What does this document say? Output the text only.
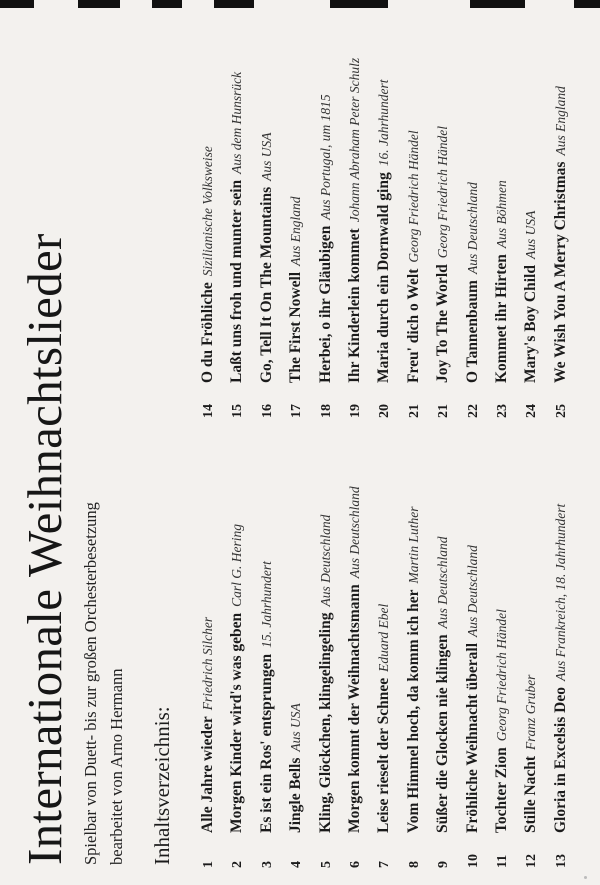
Internationale Weihnachtslieder Spielbar von Duett- bis zur großen Orchesterbesetzung bearbeitet von Arno Hermann Inhaltsverzeichnis:	1Alle Jahre wiederFriedrich Silcher
2Morgen Kinder wird's was gebenCarl G. Hering
3Es ist ein Ros' entsprungen15. Jahrhundert
4Jingle BellsAus USA
5Kling, Glöckchen, klingelingelingAus Deutschland
6Morgen kommt der WeihnachtsmannAus Deutschland
7Leise rieselt der SchneeEduard Ebel
8Vom Himmel hoch, da komm ich herMartin Luther
9Süßer die Glocken nie klingenAus Deutschland
10Fröhliche Weihnacht überallAus Deutschland
11Tochter ZionGeorg Friedrich Händel
12Stille NachtFranz Gruber
13Gloria in Excelsis DeoAus Frankreich, 18. Jahrhundert
14O du FröhlicheSizilianische Volksweise
15Laßt uns froh und munter seinAus dem Hunsrück
16Go, Tell It On The MountainsAus USA
17The First NowellAus England
18Herbei, o ihr GläubigenAus Portugal, um 1815
19Ihr Kinderlein kommetJohann Abraham Peter Schulz
20Maria durch ein Dornwald ging16. Jahrhundert
21Freu' dich o WeltGeorg Friedrich Händel
21Joy To The WorldGeorg Friedrich Händel
22O TannenbaumAus Deutschland
23Kommet ihr HirtenAus Böhmen
24Mary's Boy ChildAus USA
25We Wish You A Merry ChristmasAus England
